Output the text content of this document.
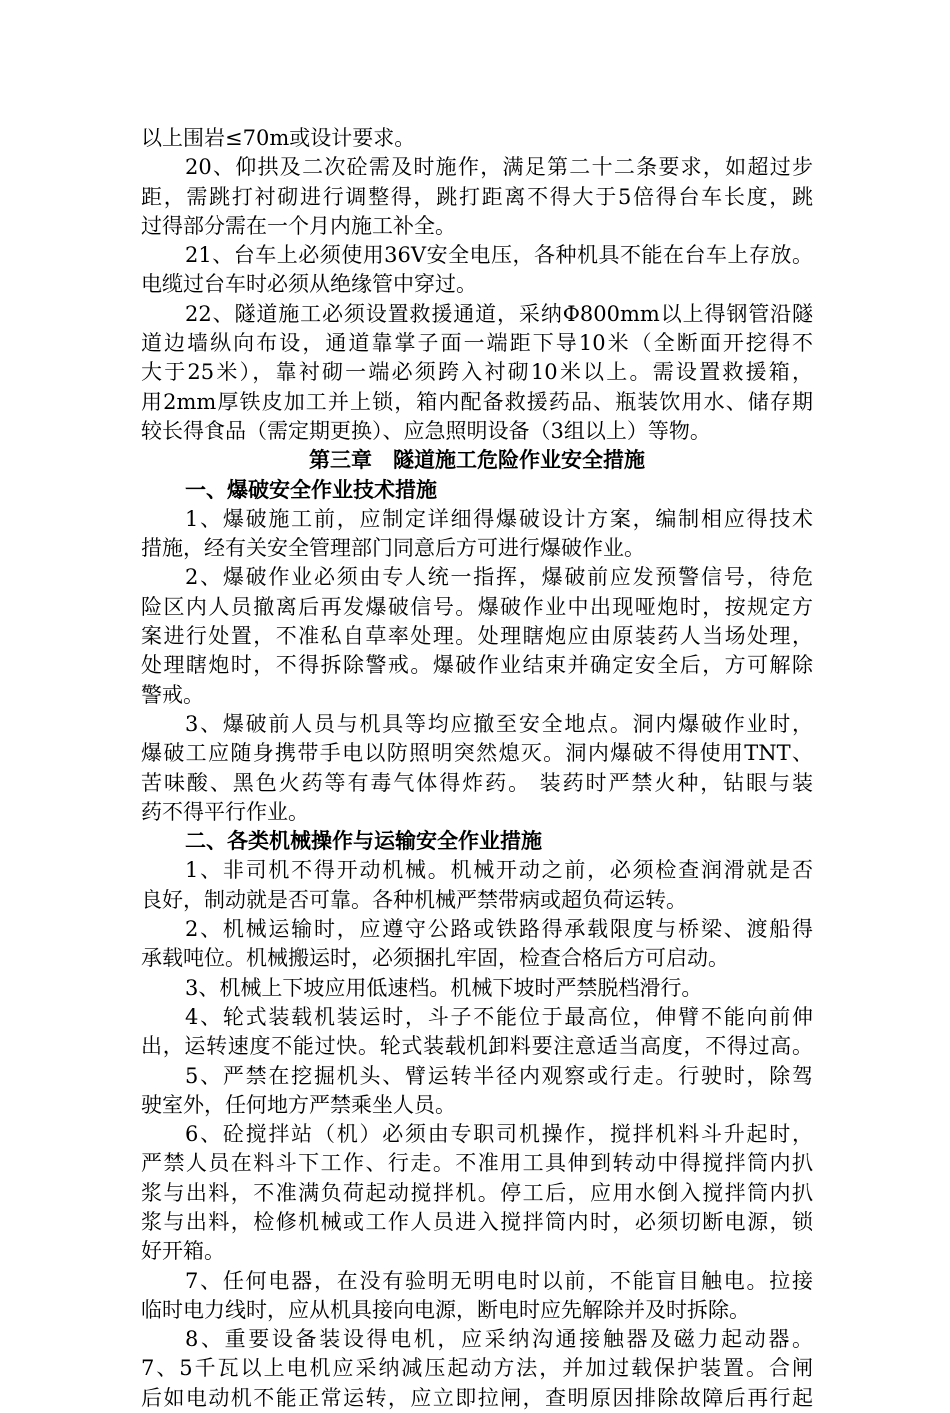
以上围岩≤70m或设计要求。
20、仰拱及二次砼需及时施作，满足第二十二条要求，如超过步
距，需跳打衬砌进行调整得，跳打距离不得大于5倍得台车长度，跳
过得部分需在一个月内施工补全。
21、台车上必须使用36V安全电压，各种机具不能在台车上存放。
电缆过台车时必须从绝缘管中穿过。
22、隧道施工必须设置救援通道，采纳Φ800mm以上得钢管沿隧
道边墙纵向布设，通道靠掌子面一端距下导10米（全断面开挖得不
大于25米），靠衬砌一端必须跨入衬砌10米以上。需设置救援箱，
用2mm厚铁皮加工并上锁，箱内配备救援药品、瓶装饮用水、储存期
较长得食品（需定期更换）、应急照明设备（3组以上）等物。
第三章　隧道施工危险作业安全措施
一、爆破安全作业技术措施
1、爆破施工前，应制定详细得爆破设计方案，编制相应得技术
措施，经有关安全管理部门同意后方可进行爆破作业。
2、爆破作业必须由专人统一指挥，爆破前应发预警信号，待危
险区内人员撤离后再发爆破信号。爆破作业中出现哑炮时，按规定方
案进行处置，不准私自草率处理。处理瞎炮应由原装药人当场处理，
处理瞎炮时，不得拆除警戒。爆破作业结束并确定安全后，方可解除
警戒。
3、爆破前人员与机具等均应撤至安全地点。洞内爆破作业时，
爆破工应随身携带手电以防照明突然熄灭。洞内爆破不得使用TNT、
苦味酸、黑色火药等有毒气体得炸药。 装药时严禁火种，钻眼与装
药不得平行作业。
二、各类机械操作与运输安全作业措施
1、非司机不得开动机械。机械开动之前，必须检查润滑就是否
良好，制动就是否可靠。各种机械严禁带病或超负荷运转。
2、机械运输时，应遵守公路或铁路得承载限度与桥梁、渡船得
承载吨位。机械搬运时，必须捆扎牢固，检查合格后方可启动。
3、机械上下坡应用低速档。机械下坡时严禁脱档滑行。
4、轮式装载机装运时，斗子不能位于最高位，伸臂不能向前伸
出，运转速度不能过快。轮式装载机卸料要注意适当高度，不得过高。
5、严禁在挖掘机头、臂运转半径内观察或行走。行驶时，除驾
驶室外，任何地方严禁乘坐人员。
6、砼搅拌站（机）必须由专职司机操作，搅拌机料斗升起时，
严禁人员在料斗下工作、行走。不准用工具伸到转动中得搅拌筒内扒
浆与出料，不准满负荷起动搅拌机。停工后，应用水倒入搅拌筒内扒
浆与出料，检修机械或工作人员进入搅拌筒内时，必须切断电源，锁
好开箱。
7、任何电器，在没有验明无明电时以前，不能盲目触电。拉接
临时电力线时，应从机具接向电源，断电时应先解除并及时拆除。
8、重要设备装设得电机，应采纳沟通接触器及磁力起动器。
7、5千瓦以上电机应采纳减压起动方法，并加过载保护装置。合闸
后如电动机不能正常运转，应立即拉闸，查明原因排除故障后再行起
